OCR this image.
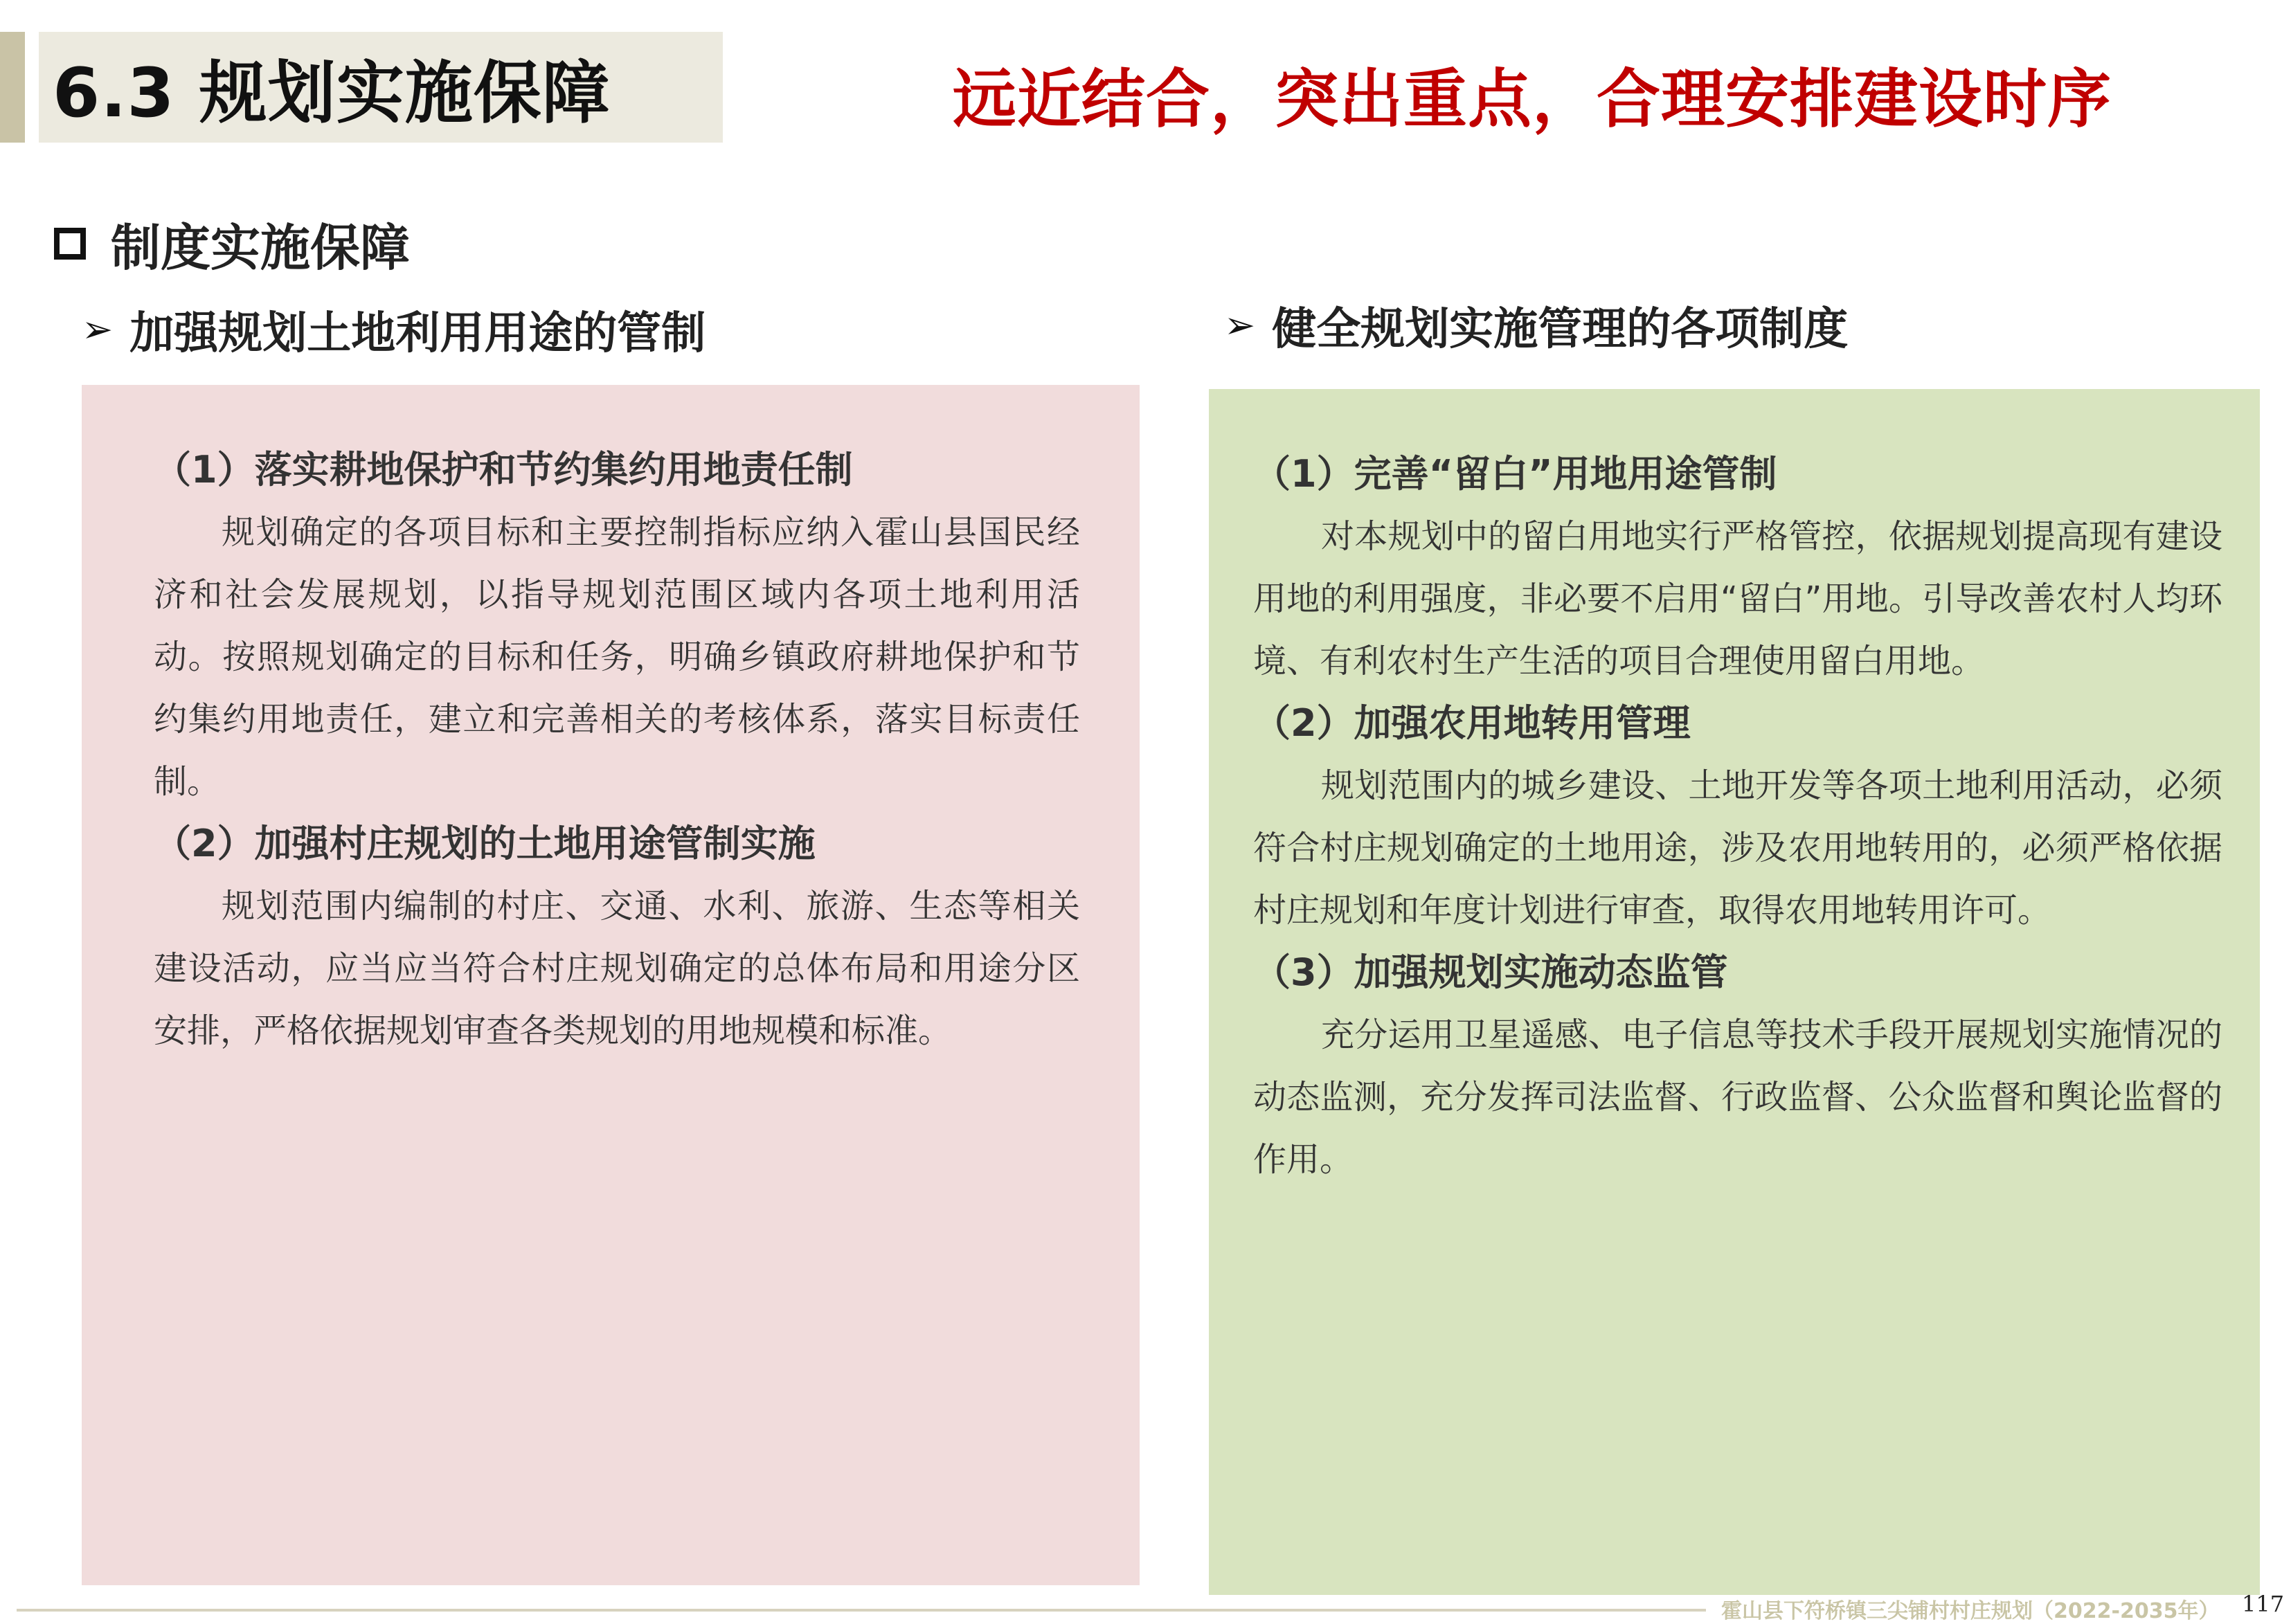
6.3 规划实施保障	远近结合，突出重点，合理安排建设时序
制度实施保障
➢ 加强规划土地利用用途的管制	➢ 健全规划实施管理的各项制度
（1）落实耕地保护和节约集约用地责任制

规划确定的各项目标和主要控制指标应纳入霍山县国民经济和社会发展规划，以指导规划范围区域内各项土地利用活动。按照规划确定的目标和任务，明确乡镇政府耕地保护和节约集约用地责任，建立和完善相关的考核体系，落实目标责任制。

（2）加强村庄规划的土地用途管制实施

规划范围内编制的村庄、交通、水利、旅游、生态等相关建设活动，应当应当符合村庄规划确定的总体布局和用途分区安排，严格依据规划审查各类规划的用地规模和标准。

（1）完善“留白”用地用途管制

对本规划中的留白用地实行严格管控，依据规划提高现有建设用地的利用强度，非必要不启用“留白”用地。引导改善农村人均环境、有利农村生产生活的项目合理使用留白用地。

（2）加强农用地转用管理

规划范围内的城乡建设、土地开发等各项土地利用活动，必须符合村庄规划确定的土地用途，涉及农用地转用的，必须严格依据村庄规划和年度计划进行审查，取得农用地转用许可。

（3）加强规划实施动态监管

充分运用卫星遥感、电子信息等技术手段开展规划实施情况的动态监测，充分发挥司法监督、行政监督、公众监督和舆论监督的作用。

霍山县下符桥镇三尖铺村村庄规划（2022-2035年） 117
